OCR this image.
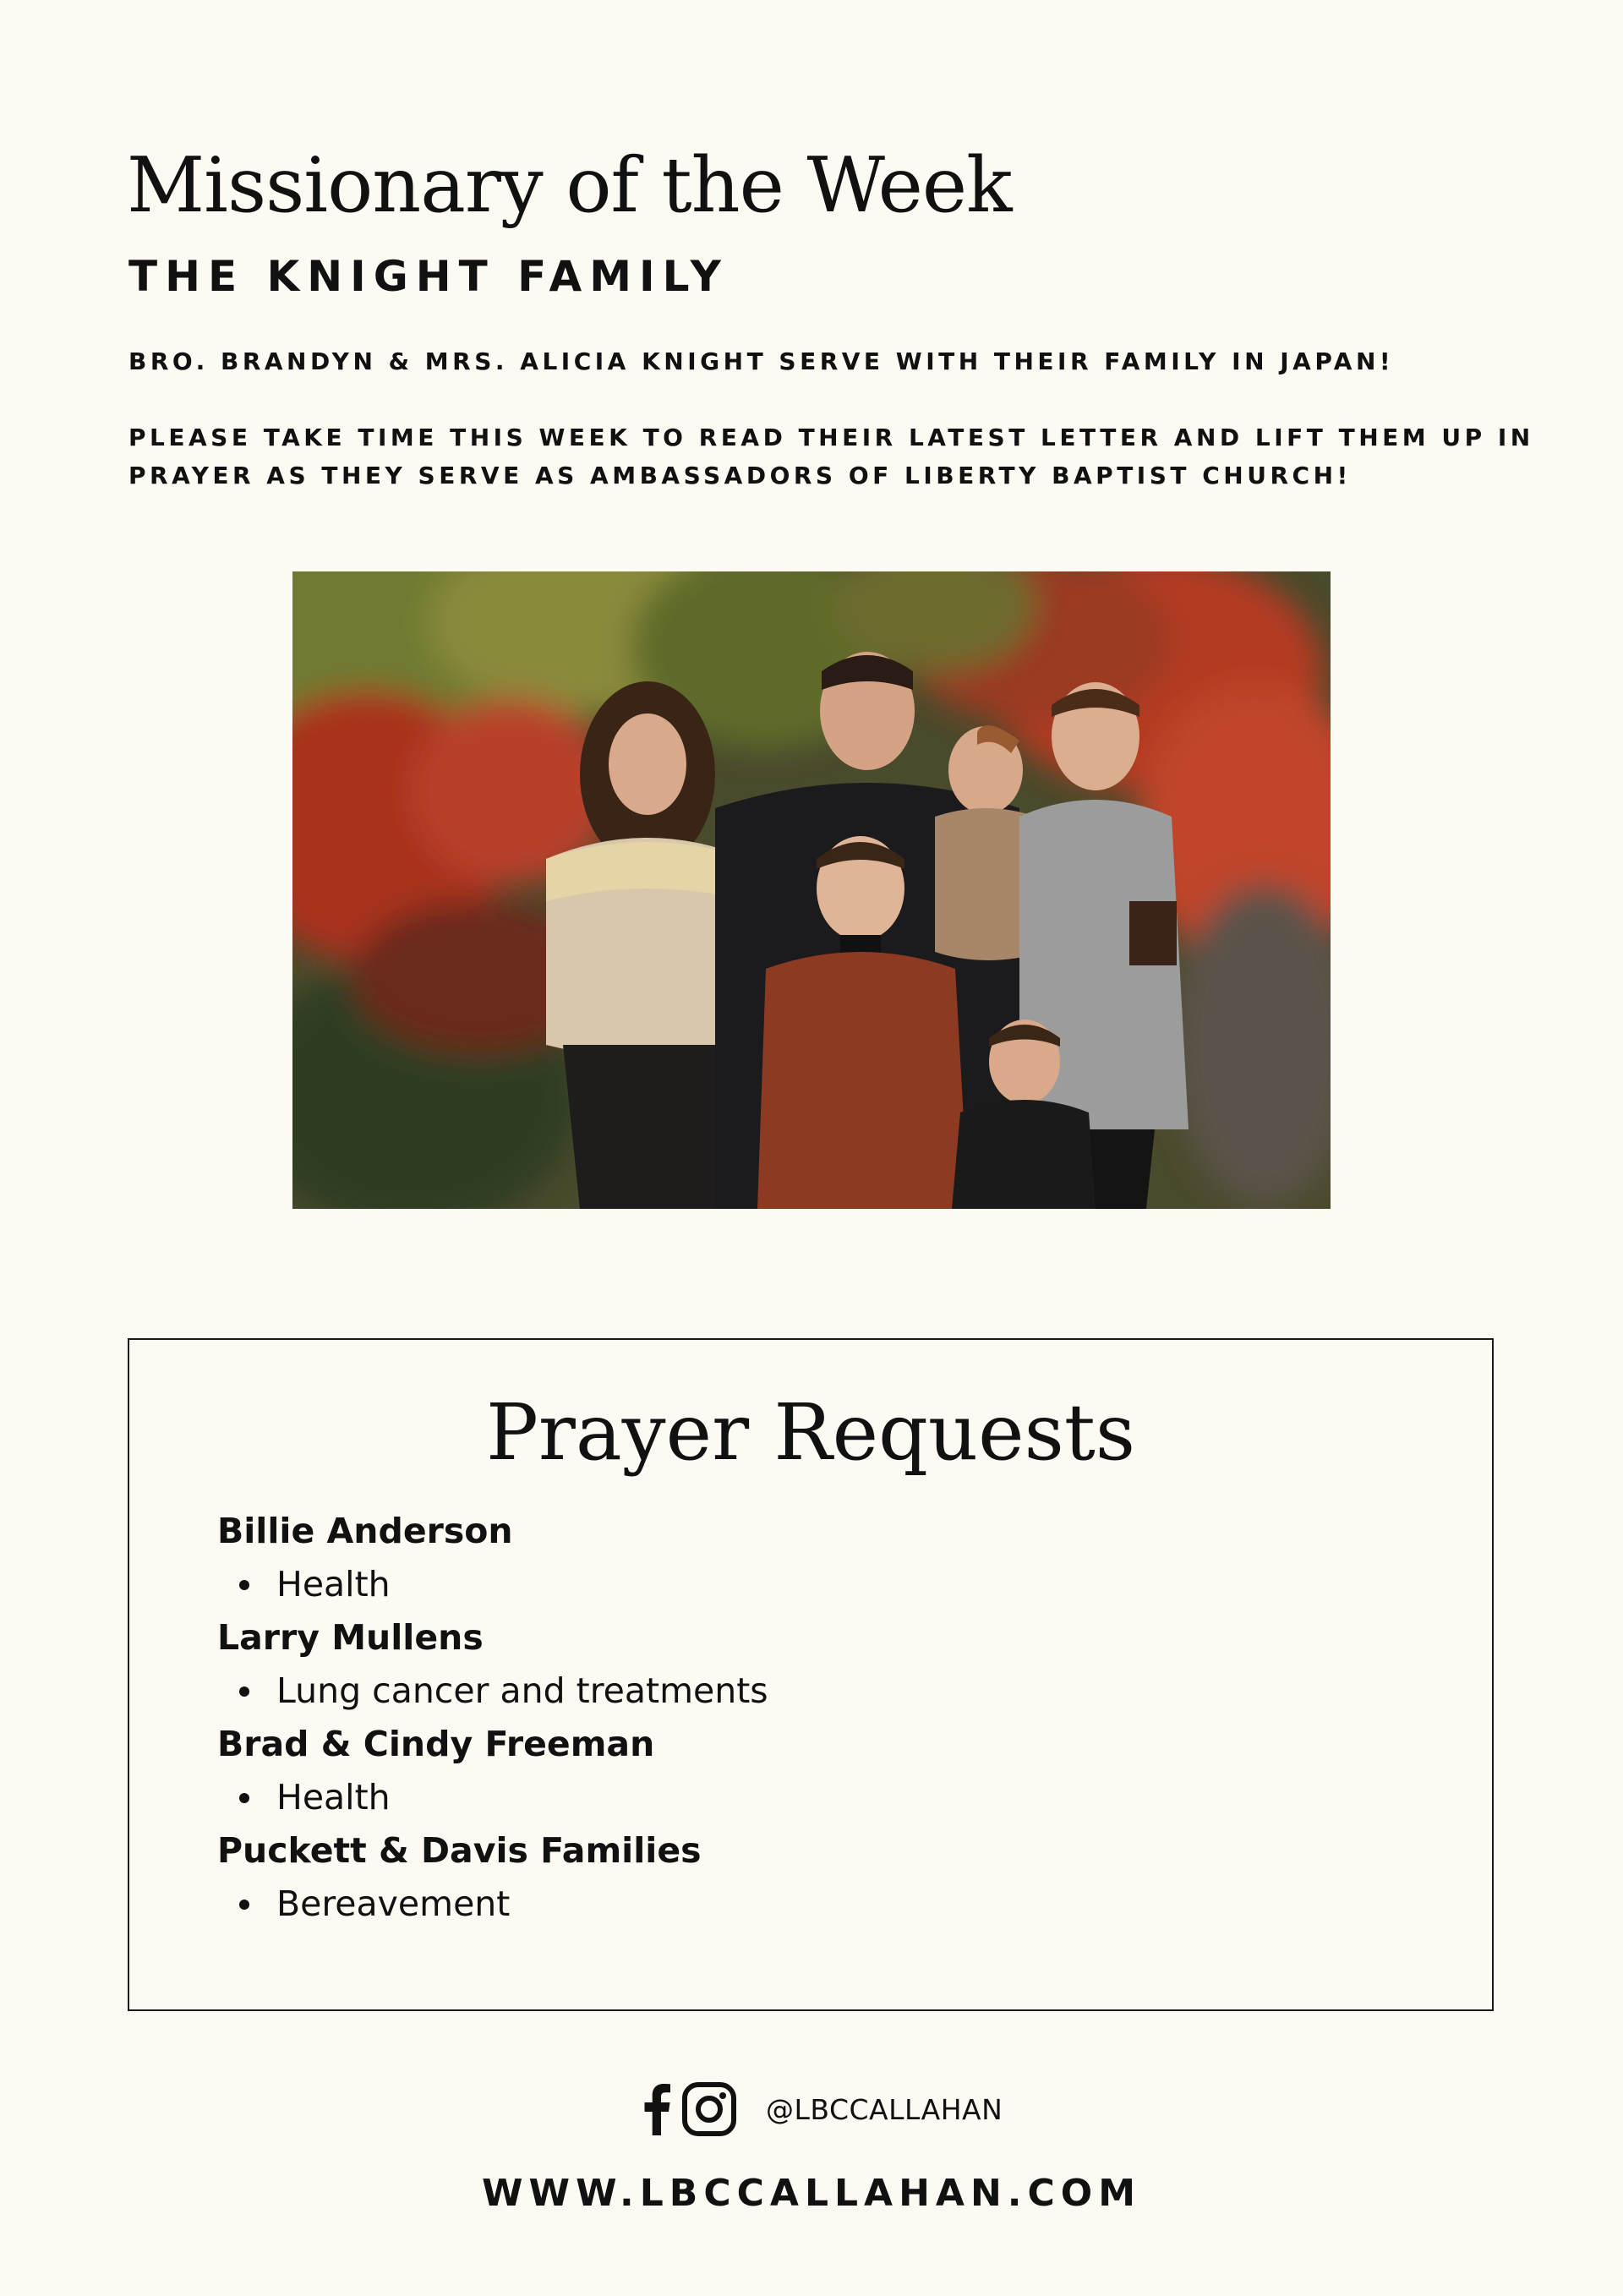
Missionary of the Week
THE KNIGHT FAMILY

BRO. BRANDYN & MRS. ALICIA KNIGHT SERVE WITH THEIR FAMILY IN JAPAN!

PLEASE TAKE TIME THIS WEEK TO READ THEIR LATEST LETTER AND LIFT THEM UP IN PRAYER AS THEY SERVE AS AMBASSADORS OF LIBERTY BAPTIST CHURCH!

Prayer Requests
Billie Anderson
Health
Larry Mullens
Lung cancer and treatments
Brad & Cindy Freeman
Health
Puckett & Davis Families
Bereavement
@LBCCALLAHAN
WWW.LBCCALLAHAN.COM
